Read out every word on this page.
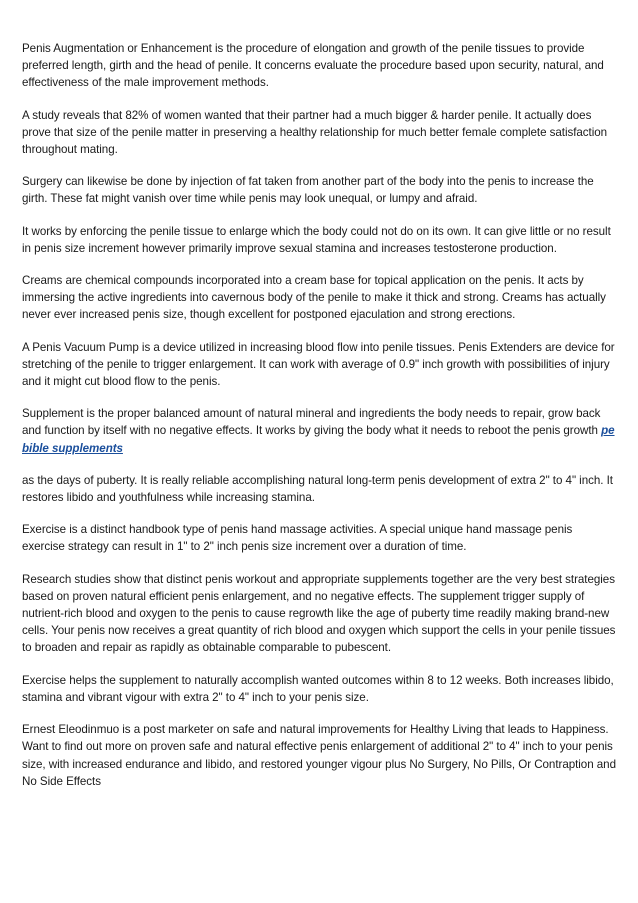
Penis Augmentation or Enhancement is the procedure of elongation and growth of the penile tissues to provide preferred length, girth and the head of penile. It concerns evaluate the procedure based upon security, natural, and effectiveness of the male improvement methods.

A study reveals that 82% of women wanted that their partner had a much bigger & harder penile. It actually does prove that size of the penile matter in preserving a healthy relationship for much better female complete satisfaction throughout mating.

Surgery can likewise be done by injection of fat taken from another part of the body into the penis to increase the girth. These fat might vanish over time while penis may look unequal, or lumpy and afraid.

It works by enforcing the penile tissue to enlarge which the body could not do on its own. It can give little or no result in penis size increment however primarily improve sexual stamina and increases testosterone production.

Creams are chemical compounds incorporated into a cream base for topical application on the penis. It acts by immersing the active ingredients into cavernous body of the penile to make it thick and strong. Creams has actually never ever increased penis size, though excellent for postponed ejaculation and strong erections.

A Penis Vacuum Pump is a device utilized in increasing blood flow into penile tissues. Penis Extenders are device for stretching of the penile to trigger enlargement. It can work with average of 0.9" inch growth with possibilities of injury and it might cut blood flow to the penis.

Supplement is the proper balanced amount of natural mineral and ingredients the body needs to repair, grow back and function by itself with no negative effects. It works by giving the body what it needs to reboot the penis growth pe bible supplements

as the days of puberty. It is really reliable accomplishing natural long-term penis development of extra 2" to 4" inch. It restores libido and youthfulness while increasing stamina.

Exercise is a distinct handbook type of penis hand massage activities. A special unique hand massage penis exercise strategy can result in 1" to 2" inch penis size increment over a duration of time.

Research studies show that distinct penis workout and appropriate supplements together are the very best strategies based on proven natural efficient penis enlargement, and no negative effects. The supplement trigger supply of nutrient-rich blood and oxygen to the penis to cause regrowth like the age of puberty time readily making brand-new cells. Your penis now receives a great quantity of rich blood and oxygen which support the cells in your penile tissues to broaden and repair as rapidly as obtainable comparable to pubescent.

Exercise helps the supplement to naturally accomplish wanted outcomes within 8 to 12 weeks. Both increases libido, stamina and vibrant vigour with extra 2" to 4" inch to your penis size.

Ernest Eleodinmuo is a post marketer on safe and natural improvements for Healthy Living that leads to Happiness. Want to find out more on proven safe and natural effective penis enlargement of additional 2" to 4" inch to your penis size, with increased endurance and libido, and restored younger vigour plus No Surgery, No Pills, Or Contraption and No Side Effects
